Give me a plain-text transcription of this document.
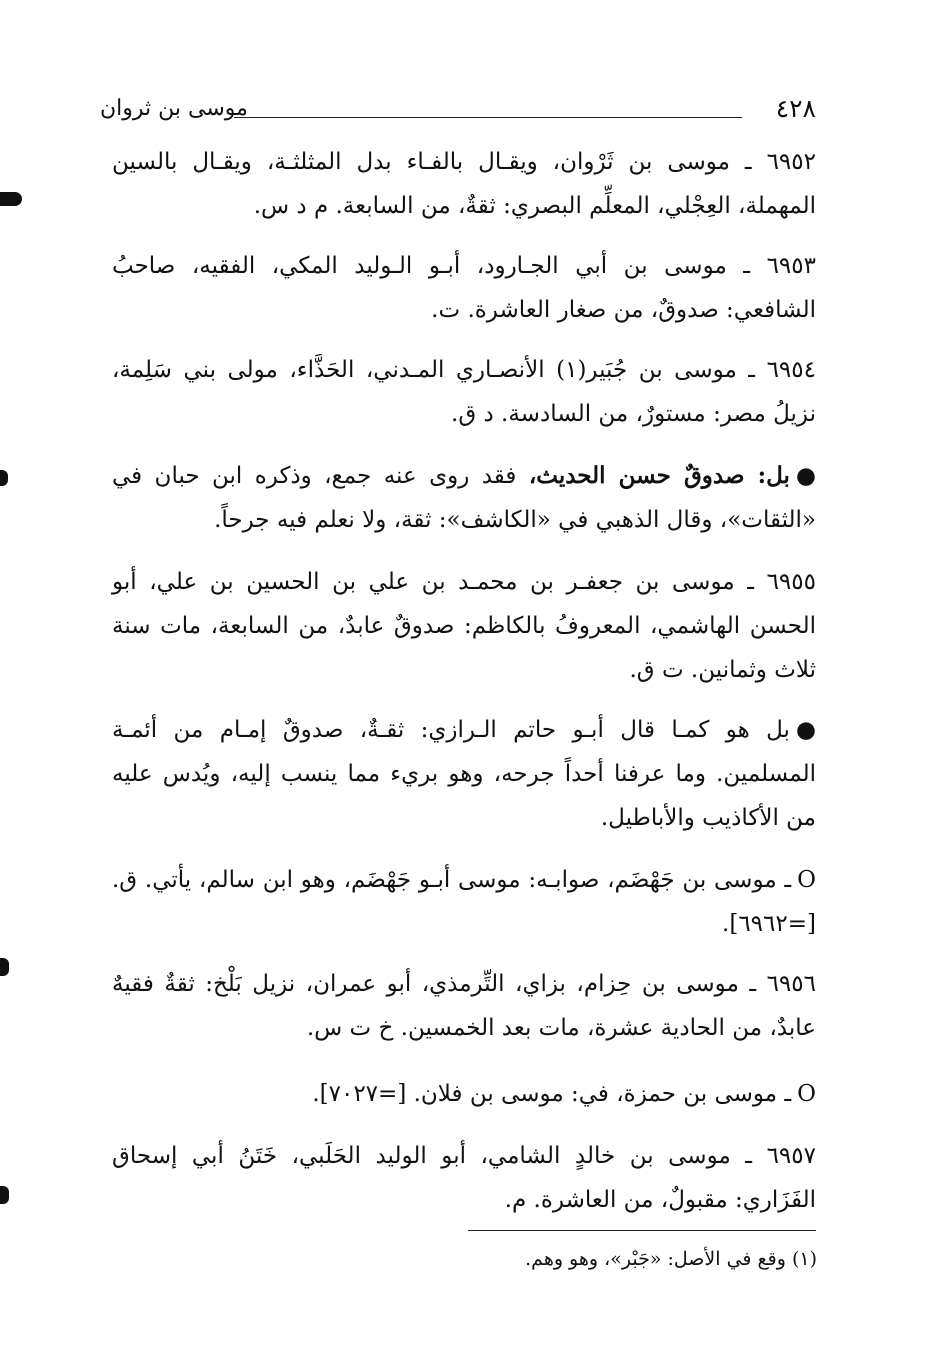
٤٢٨
موسى بن ثروان

٦٩٥٢ ـ موسى بن ثَرْوان، ويقـال بالفـاء بدل المثلثـة، ويقـال بالسين المهملة، العِجْلي، المعلِّم البصري: ثقةٌ، من السابعة. م د س.

٦٩٥٣ ـ موسى بن أبي الجـارود، أبـو الـوليد المكي، الفقيه، صاحبُ الشافعي: صدوقٌ، من صغار العاشرة. ت.

٦٩٥٤ ـ موسى بن جُبَير(١) الأنصـاري المـدني، الحَذَّاء، مولى بني سَلِمة، نزيلُ مصر: مستورٌ، من السادسة. د ق.

●بل: صدوقٌ حسن الحديث، فقد روى عنه جمع، وذكره ابن حبان في «الثقات»، وقال الذهبي في «الكاشف»: ثقة، ولا نعلم فيه جرحاً.

٦٩٥٥ ـ موسى بن جعفـر بن محمـد بن علي بن الحسين بن علي، أبو الحسن الهاشمي، المعروفُ بالكاظم: صدوقٌ عابدٌ، من السابعة، مات سنة ثلاث وثمانين. ت ق.

●بل هو كمـا قال أبـو حاتم الـرازي: ثقـةٌ، صدوقٌ إمـام من أئمـة المسلمين. وما عرفنا أحداً جرحه، وهو بريء مما ينسب إليه، ويُدس عليه من الأكاذيب والأباطيل.

Oـ موسى بن جَهْضَم، صوابـه: موسى أبـو جَهْضَم، وهو ابن سالم، يأتي. ق. [=٦٩٦٢].

٦٩٥٦ ـ موسى بن حِزام، بزاي، التِّرمذي، أبو عمران، نزيل بَلْخ: ثقةٌ فقيهٌ عابدٌ، من الحادية عشرة، مات بعد الخمسين. خ ت س.

Oـ موسى بن حمزة، في: موسى بن فلان. [=٧٠٢٧].

٦٩٥٧ ـ موسى بن خالدٍ الشامي، أبو الوليد الحَلَبي، خَتَنُ أبي إسحاق الفَزَاري: مقبولٌ، من العاشرة. م.

(١) وقع في الأصل: «جَبْر»، وهو وهم.
